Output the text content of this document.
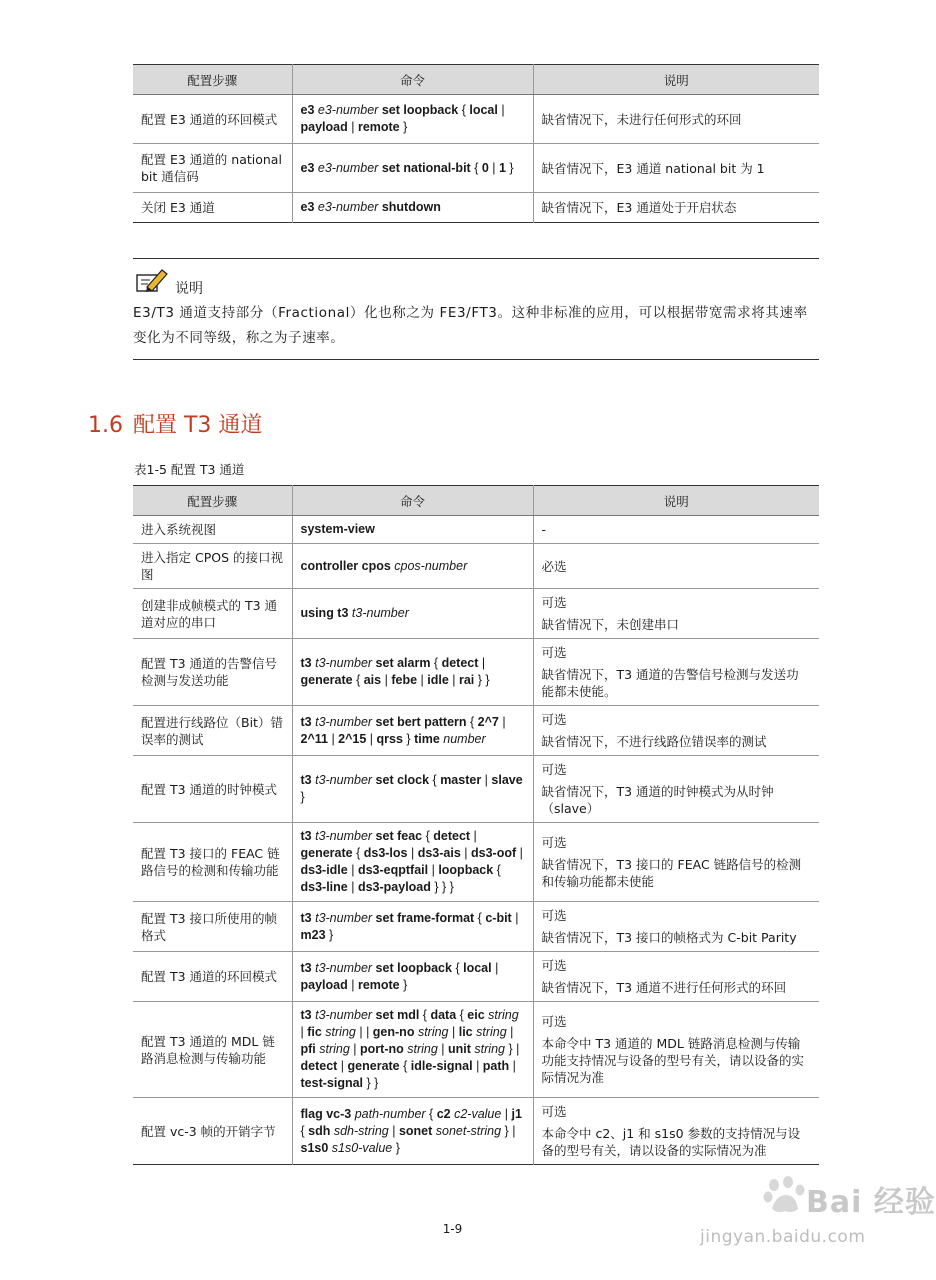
配置步骤	命令	说明
配置 E3 通道的环回模式	e3 e3-number set loopback { local | payload | remote }	缺省情况下，未进行任何形式的环回
配置 E3 通道的 national bit 通信码	e3 e3-number set national-bit { 0 | 1 }	缺省情况下，E3 通道 national bit 为 1
关闭 E3 通道	e3 e3-number shutdown	缺省情况下，E3 通道处于开启状态
说明
E3/T3 通道支持部分（Fractional）化也称之为 FE3/FT3。这种非标准的应用，可以根据带宽需求将其速率变化为不同等级，称之为子速率。
1.6 配置 T3 通道
表1-5 配置 T3 通道
配置步骤	命令	说明
进入系统视图	system-view	-
进入指定 CPOS 的接口视图	controller cpos cpos-number	必选
创建非成帧模式的 T3 通道对应的串口	using t3 t3-number	可选
缺省情况下，未创建串口
配置 T3 通道的告警信号检测与发送功能	t3 t3-number set alarm { detect | generate { ais | febe | idle | rai } }	可选
缺省情况下，T3 通道的告警信号检测与发送功能都未使能。
配置进行线路位（Bit）错误率的测试	t3 t3-number set bert pattern { 2^7 | 2^11 | 2^15 | qrss } time number	可选
缺省情况下，不进行线路位错误率的测试
配置 T3 通道的时钟模式	t3 t3-number set clock { master | slave }	可选
缺省情况下，T3 通道的时钟模式为从时钟（slave）
配置 T3 接口的 FEAC 链路信号的检测和传输功能	t3 t3-number set feac { detect | generate { ds3-los | ds3-ais | ds3-oof | ds3-idle | ds3-eqptfail | loopback { ds3-line | ds3-payload } } }	可选
缺省情况下，T3 接口的 FEAC 链路信号的检测和传输功能都未使能
配置 T3 接口所使用的帧格式	t3 t3-number set frame-format { c-bit | m23 }	可选
缺省情况下，T3 接口的帧格式为 C-bit Parity
配置 T3 通道的环回模式	t3 t3-number set loopback { local | payload | remote }	可选
缺省情况下，T3 通道不进行任何形式的环回
配置 T3 通道的 MDL 链路消息检测与传输功能	t3 t3-number set mdl { data { eic string | fic string | | gen-no string | lic string | pfi string | port-no string | unit string } | detect | generate { idle-signal | path | test-signal } }	可选
本命令中 T3 通道的 MDL 链路消息检测与传输功能支持情况与设备的型号有关，请以设备的实际情况为准
配置 vc-3 帧的开销字节	flag vc-3 path-number { c2 c2-value | j1 { sdh sdh-string | sonet sonet-string } | s1s0 s1s0-value }	可选
本命令中 c2、j1 和 s1s0 参数的支持情况与设备的型号有关，请以设备的实际情况为准
1-9
Bai 经验
jingyan.baidu.com
